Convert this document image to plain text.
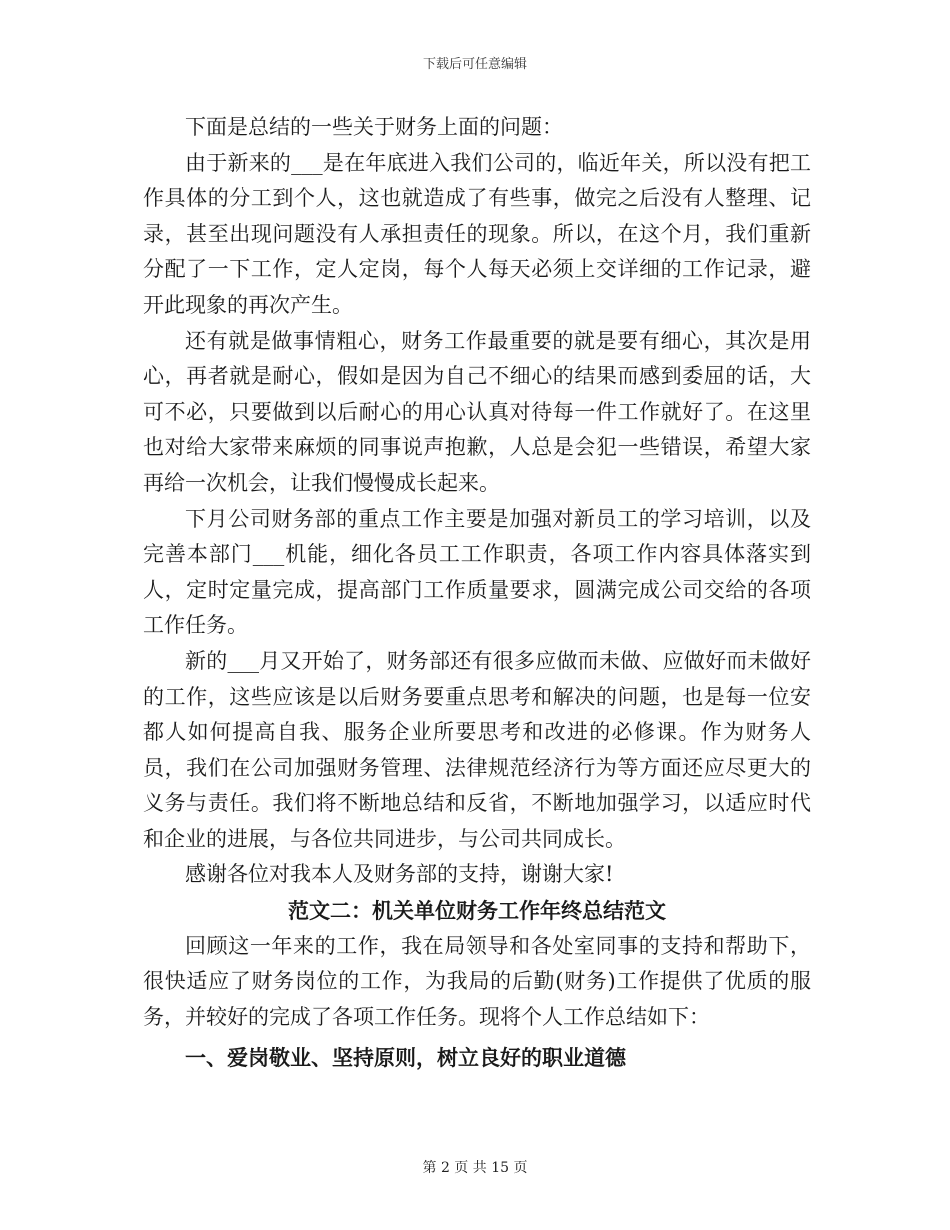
下载后可任意编辑

下面是总结的一些关于财务上面的问题：

由于新来的___是在年底进入我们公司的，临近年关，所以没有把工作具体的分工到个人，这也就造成了有些事，做完之后没有人整理、记录，甚至出现问题没有人承担责任的现象。所以，在这个月，我们重新分配了一下工作，定人定岗，每个人每天必须上交详细的工作记录，避开此现象的再次产生。

还有就是做事情粗心，财务工作最重要的就是要有细心，其次是用心，再者就是耐心，假如是因为自己不细心的结果而感到委屈的话，大可不必，只要做到以后耐心的用心认真对待每一件工作就好了。在这里也对给大家带来麻烦的同事说声抱歉，人总是会犯一些错误，希望大家再给一次机会，让我们慢慢成长起来。

下月公司财务部的重点工作主要是加强对新员工的学习培训，以及完善本部门___机能，细化各员工工作职责，各项工作内容具体落实到人，定时定量完成，提高部门工作质量要求，圆满完成公司交给的各项工作任务。

新的___月又开始了，财务部还有很多应做而未做、应做好而未做好的工作，这些应该是以后财务要重点思考和解决的问题，也是每一位安都人如何提高自我、服务企业所要思考和改进的必修课。作为财务人员，我们在公司加强财务管理、法律规范经济行为等方面还应尽更大的义务与责任。我们将不断地总结和反省，不断地加强学习，以适应时代和企业的进展，与各位共同进步，与公司共同成长。

感谢各位对我本人及财务部的支持，谢谢大家!

范文二：机关单位财务工作年终总结范文

回顾这一年来的工作，我在局领导和各处室同事的支持和帮助下，很快适应了财务岗位的工作，为我局的后勤(财务)工作提供了优质的服务，并较好的完成了各项工作任务。现将个人工作总结如下：

一、爱岗敬业、坚持原则，树立良好的职业道德

第 2 页 共 15 页
